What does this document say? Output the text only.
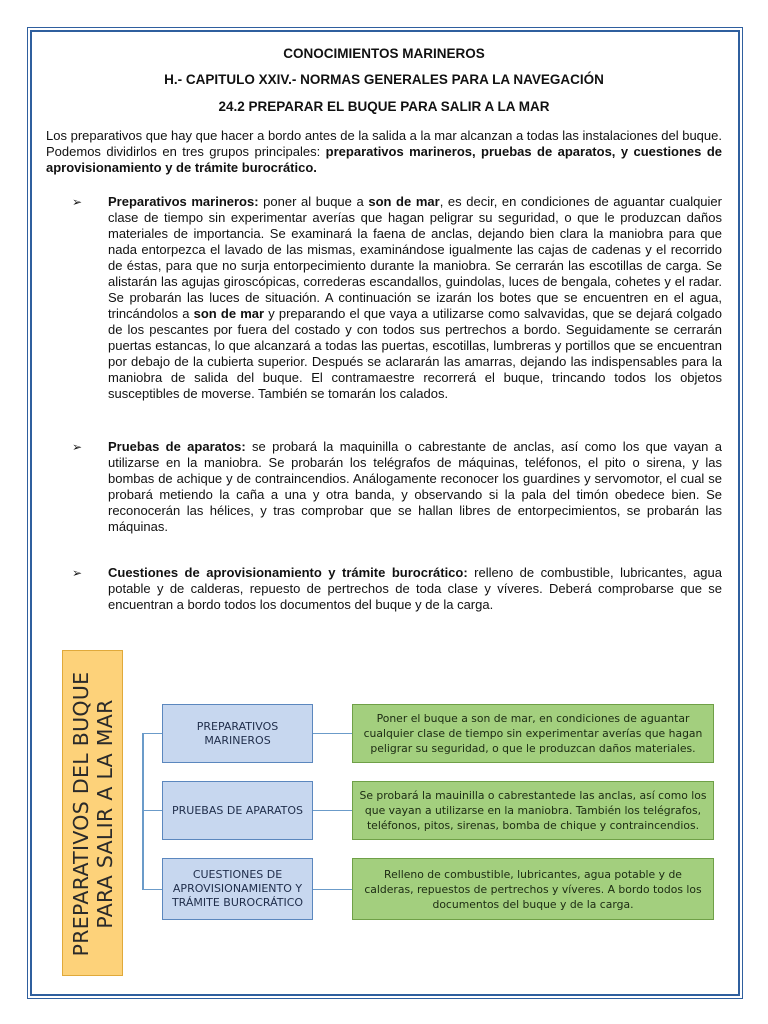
CONOCIMIENTOS MARINEROS
H.- CAPITULO XXIV.- NORMAS GENERALES PARA LA NAVEGACIÓN
24.2 PREPARAR EL BUQUE PARA SALIR A LA MAR
Los preparativos que hay que hacer a bordo antes de la salida a la mar alcanzan a todas las instalaciones del buque. Podemos dividirlos en tres grupos principales: preparativos marineros, pruebas de aparatos, y cuestiones de aprovisionamiento y de trámite burocrático.
➢ Preparativos marineros: poner al buque a son de mar, es decir, en condiciones de aguantar cualquier clase de tiempo sin experimentar averías que hagan peligrar su seguridad, o que le produzcan daños materiales de importancia. Se examinará la faena de anclas, dejando bien clara la maniobra para que nada entorpezca el lavado de las mismas, examinándose igualmente las cajas de cadenas y el recorrido de éstas, para que no surja entorpecimiento durante la maniobra. Se cerrarán las escotillas de carga. Se alistarán las agujas giroscópicas, correderas escandallos, guindolas, luces de bengala, cohetes y el radar. Se probarán las luces de situación. A continuación se izarán los botes que se encuentren en el agua, trincándolos a son de mar y preparando el que vaya a utilizarse como salvavidas, que se dejará colgado de los pescantes por fuera del costado y con todos sus pertrechos a bordo. Seguidamente se cerrarán puertas estancas, lo que alcanzará a todas las puertas, escotillas, lumbreras y portillos que se encuentran por debajo de la cubierta superior. Después se aclararán las amarras, dejando las indispensables para la maniobra de salida del buque. El contramaestre recorrerá el buque, trincando todos los objetos susceptibles de moverse. También se tomarán los calados.
➢ Pruebas de aparatos: se probará la maquinilla o cabrestante de anclas, así como los que vayan a utilizarse en la maniobra. Se probarán los telégrafos de máquinas, teléfonos, el pito o sirena, y las bombas de achique y de contraincendios. Análogamente reconocer los guardines y servomotor, el cual se probará metiendo la caña a una y otra banda, y observando si la pala del timón obedece bien. Se reconocerán las hélices, y tras comprobar que se hallan libres de entorpecimientos, se probarán las máquinas.
➢ Cuestiones de aprovisionamiento y trámite burocrático: relleno de combustible, lubricantes, agua potable y de calderas, repuesto de pertrechos de toda clase y víveres. Deberá comprobarse que se encuentran a bordo todos los documentos del buque y de la carga.
PREPARATIVOS DEL BUQUE PARA SALIR A LA MAR	PREPARATIVOS MARINEROS
Poner el buque a son de mar, en condiciones de aguantar cualquier clase de tiempo sin experimentar averías que hagan peligrar su seguridad, o que le produzcan daños materiales.
PRUEBAS DE APARATOS
Se probará la mauinilla o cabrestantede las anclas, así como los que vayan a utilizarse en la maniobra. También los telégrafos, teléfonos, pitos, sirenas, bomba de chique y contraincendios.
CUESTIONES DE APROVISIONAMIENTO Y TRÁMITE BUROCRÁTICO
Relleno de combustible, lubricantes, agua potable y de calderas, repuestos de pertrechos y víveres. A bordo todos los documentos del buque y de la carga.
